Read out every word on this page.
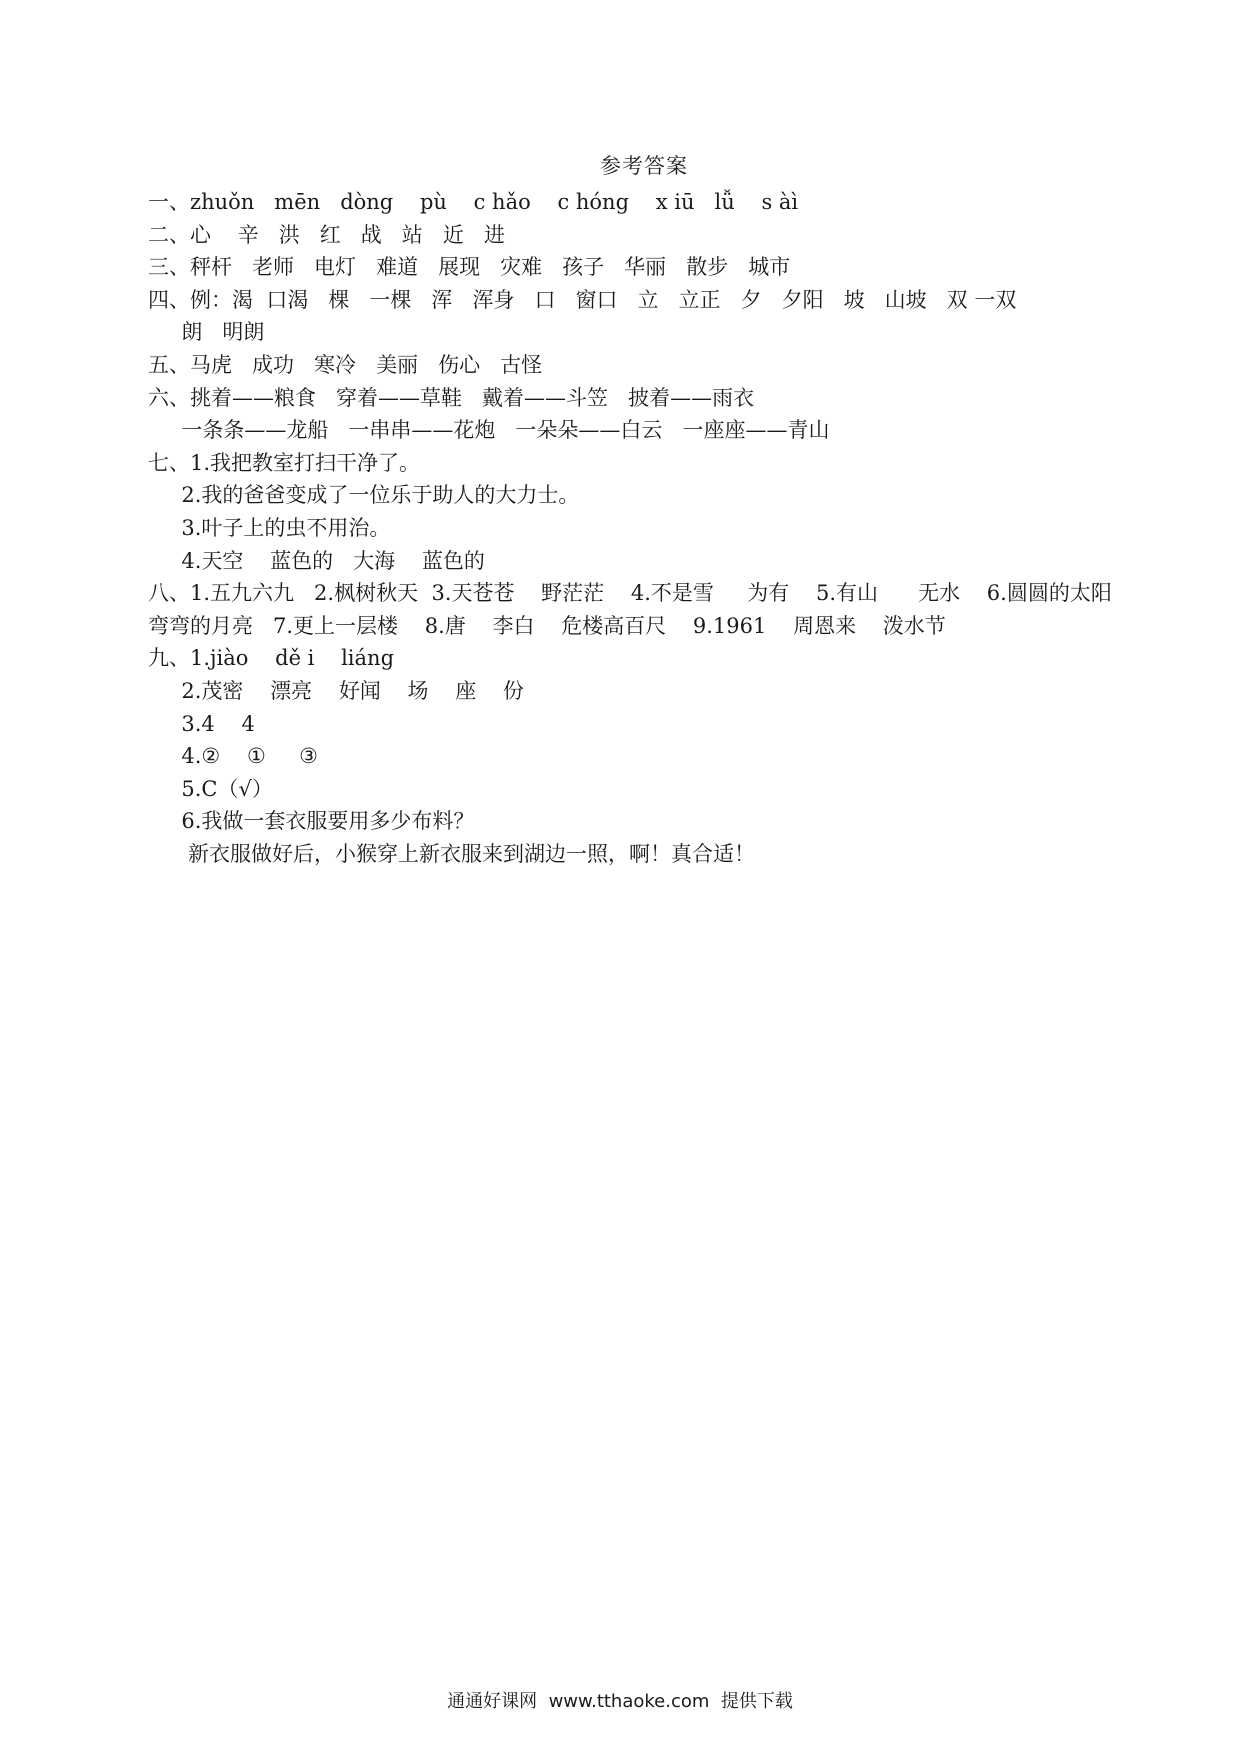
参考答案
一、zhuǒn   mēn   dòng    pù    c hǎo    c hóng    x iū   lǚ    s àì
二、心    辛   洪   红   战   站   近   进
三、秤杆   老师   电灯   难道   展现   灾难   孩子   华丽   散步   城市
四、例：渴  口渴   棵   一棵   浑   浑身   口   窗口   立   立正   夕   夕阳   坡   山坡   双 一双
朗   明朗
五、马虎   成功   寒冷   美丽   伤心   古怪
六、挑着——粮食   穿着——草鞋   戴着——斗笠   披着——雨衣
一条条——龙船   一串串——花炮   一朵朵——白云   一座座——青山
七、1.我把教室打扫干净了。
2.我的爸爸变成了一位乐于助人的大力士。
3.叶子上的虫不用治。
4.天空    蓝色的   大海    蓝色的
八、1.五九六九   2.枫树秋天  3.天苍苍    野茫茫    4.不是雪     为有    5.有山      无水    6.圆圆的太阳
弯弯的月亮   7.更上一层楼    8.唐    李白    危楼高百尺    9.1961    周恩来    泼水节
九、1.jiào    dě i    liáng
2.茂密    漂亮    好闻    场    座    份
3.4    4
4.②    ①     ③
5.C（√）
6.我做一套衣服要用多少布料？
新衣服做好后，小猴穿上新衣服来到湖边一照，啊！真合适！
通通好课网  www.tthaoke.com  提供下载
